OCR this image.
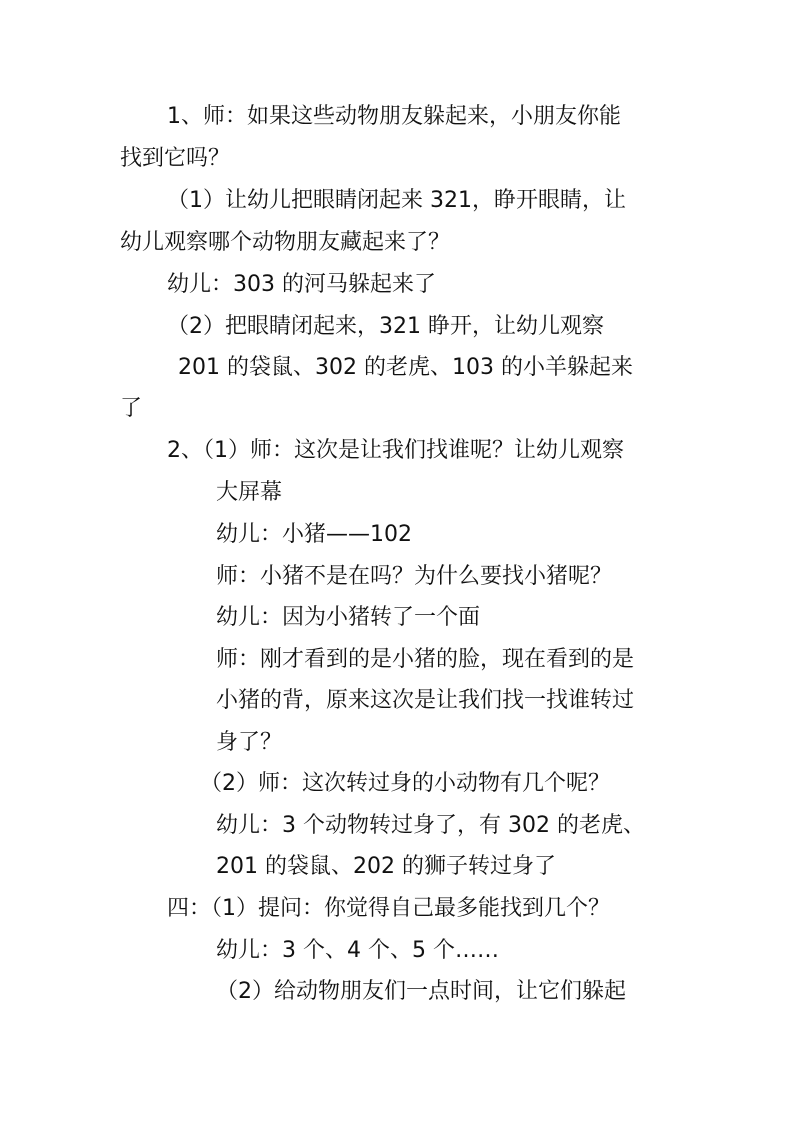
1、师：如果这些动物朋友躲起来，小朋友你能
找到它吗？
（1）让幼儿把眼睛闭起来 321，睁开眼睛，让
幼儿观察哪个动物朋友藏起来了？
幼儿：303 的河马躲起来了
（2）把眼睛闭起来，321 睁开，让幼儿观察
201 的袋鼠、302 的老虎、103 的小羊躲起来
了
2、（1）师：这次是让我们找谁呢？让幼儿观察
大屏幕
幼儿：小猪——102
师：小猪不是在吗？为什么要找小猪呢？
幼儿：因为小猪转了一个面
师：刚才看到的是小猪的脸，现在看到的是
小猪的背，原来这次是让我们找一找谁转过
身了？
（2）师：这次转过身的小动物有几个呢？
幼儿：3 个动物转过身了，有 302 的老虎、
201 的袋鼠、202 的狮子转过身了
四：（1）提问：你觉得自己最多能找到几个？
幼儿：3 个、4 个、5 个……
（2）给动物朋友们一点时间，让它们躲起
